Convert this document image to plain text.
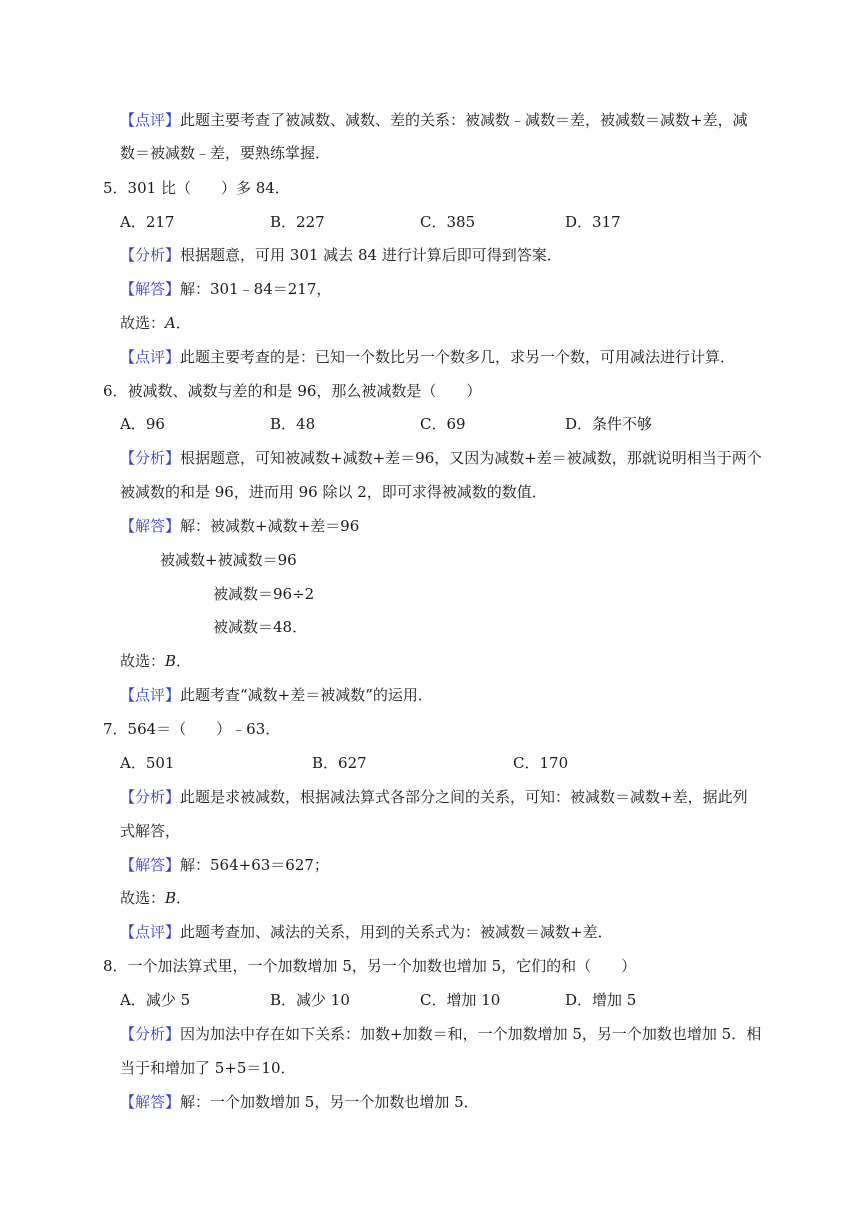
【点评】此题主要考查了被减数、减数、差的关系：被减数﹣减数＝差，被减数＝减数+差，减
数＝被减数﹣差，要熟练掌握．
5．301 比（　　）多 84．
A．217	B．227	C．385	D．317
【分析】根据题意，可用 301 减去 84 进行计算后即可得到答案．
【解答】解：301﹣84＝217，
故选：A．
【点评】此题主要考查的是：已知一个数比另一个数多几，求另一个数，可用减法进行计算．
6．被减数、减数与差的和是 96，那么被减数是（　　）
A．96	B．48	C．69	D．条件不够
【分析】根据题意，可知被减数+减数+差＝96，又因为减数+差＝被减数，那就说明相当于两个
被减数的和是 96，进而用 96 除以 2，即可求得被减数的数值．
【解答】解：被减数+减数+差＝96
被减数+被减数＝96
被减数＝96÷2
被减数＝48．
故选：B．
【点评】此题考查“减数+差＝被减数”的运用．
7．564＝（　　）﹣63．
A．501	B．627	C．170
【分析】此题是求被减数，根据减法算式各部分之间的关系，可知：被减数＝减数+差，据此列
式解答，
【解答】解：564+63＝627；
故选：B．
【点评】此题考查加、减法的关系，用到的关系式为：被减数＝减数+差．
8．一个加法算式里，一个加数增加 5，另一个加数也增加 5，它们的和（　　）
A．减少 5	B．减少 10	C．增加 10	D．增加 5
【分析】因为加法中存在如下关系：加数+加数＝和，一个加数增加 5，另一个加数也增加 5．相
当于和增加了 5+5＝10．
【解答】解：一个加数增加 5，另一个加数也增加 5．
